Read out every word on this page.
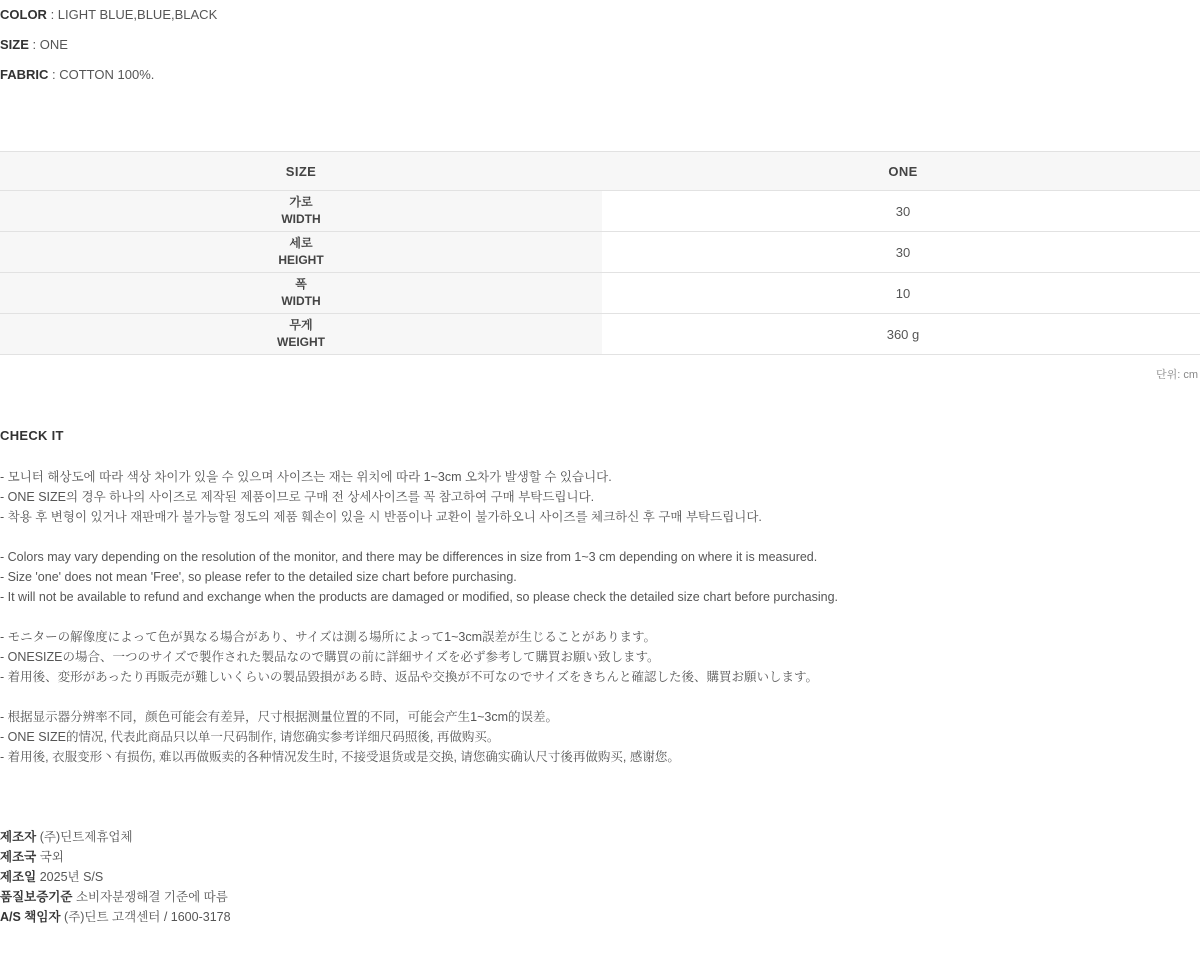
COLOR : LIGHT BLUE,BLUE,BLACK
SIZE : ONE
FABRIC : COTTON 100%.
SIZE	ONE

가로
WIDTH	30

세로
HEIGHT	30

폭
WIDTH	10

무게
WEIGHT	360 g
단위: cm
CHECK IT
- 모니터 해상도에 따라 색상 차이가 있을 수 있으며 사이즈는 재는 위치에 따라 1~3cm 오차가 발생할 수 있습니다.
- ONE SIZE의 경우 하나의 사이즈로 제작된 제품이므로 구매 전 상세사이즈를 꼭 참고하여 구매 부탁드립니다.
- 착용 후 변형이 있거나 재판매가 불가능할 정도의 제품 훼손이 있을 시 반품이나 교환이 불가하오니 사이즈를 체크하신 후 구매 부탁드립니다.
- Colors may vary depending on the resolution of the monitor, and there may be differences in size from 1~3 cm depending on where it is measured.
- Size 'one' does not mean 'Free', so please refer to the detailed size chart before purchasing.
- It will not be available to refund and exchange when the products are damaged or modified, so please check the detailed size chart before purchasing.
- モニターの解像度によって色が異なる場合があり、サイズは測る場所によって1~3cm誤差が生じることがあります。
- ONESIZEの場合、一つのサイズで製作された製品なので購買の前に詳細サイズを必ず参考して購買お願い致します。
- 着用後、変形があったり再販売が難しいくらいの製品毀損がある時、返品や交換が不可なのでサイズをきちんと確認した後、購買お願いします。
- 根据显示器分辨率不同，颜色可能会有差异，尺寸根据测量位置的不同，可能会产生1~3cm的误差。
- ONE SIZE的情况, 代表此商品只以单一尺码制作, 请您确实参考详细尺码照後, 再做购买。
- 着用後, 衣服变形丶有损伤, 难以再做贩卖的各种情况发生时, 不接受退货或是交换, 请您确实确认尺寸後再做购买, 感谢您。
제조자 (주)딘트제휴업체
제조국 국외
제조일 2025년 S/S
품질보증기준 소비자분쟁해결 기준에 따름
A/S 책임자 (주)딘트 고객센터 / 1600-3178
